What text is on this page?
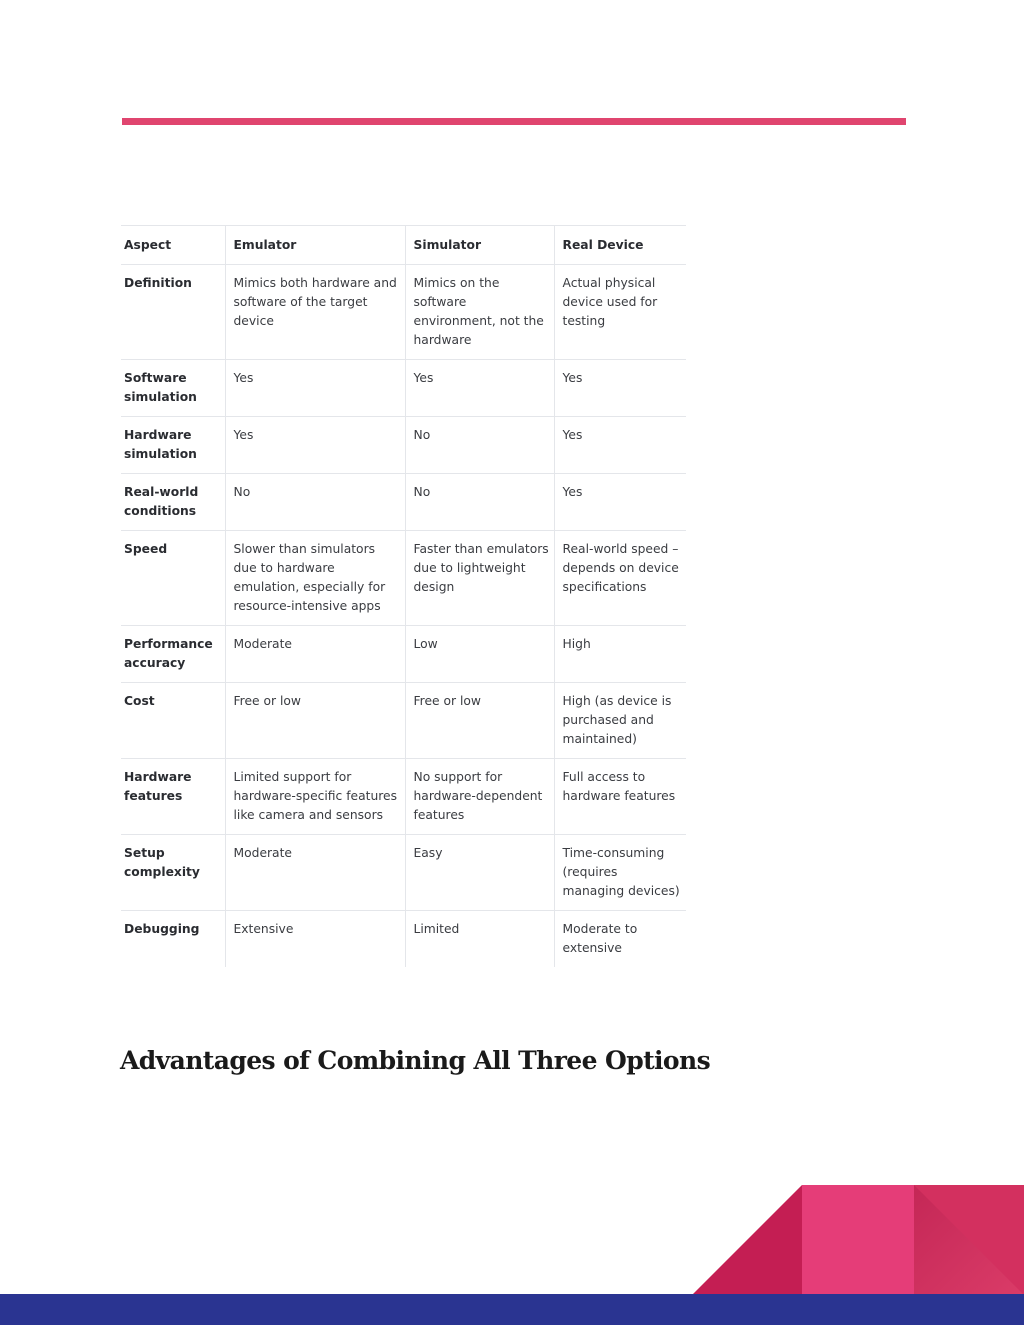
Aspect	Emulator	Simulator	Real Device
Definition	Mimics both hardware and software of the target device	Mimics on the software environment, not the hardware	Actual physical device used for testing
Software simulation	Yes	Yes	Yes
Hardware simulation	Yes	No	Yes
Real-world conditions	No	No	Yes
Speed	Slower than simulators due to hardware emulation, especially for resource-intensive apps	Faster than emulators due to lightweight design	Real-world speed – depends on device specifications
Performance accuracy	Moderate	Low	High
Cost	Free or low	Free or low	High (as device is purchased and maintained)
Hardware features	Limited support for hardware-specific features like camera and sensors	No support for hardware-dependent features	Full access to hardware features
Setup complexity	Moderate	Easy	Time-consuming (requires managing devices)
Debugging	Extensive	Limited	Moderate to extensive
Advantages of Combining All Three Options
